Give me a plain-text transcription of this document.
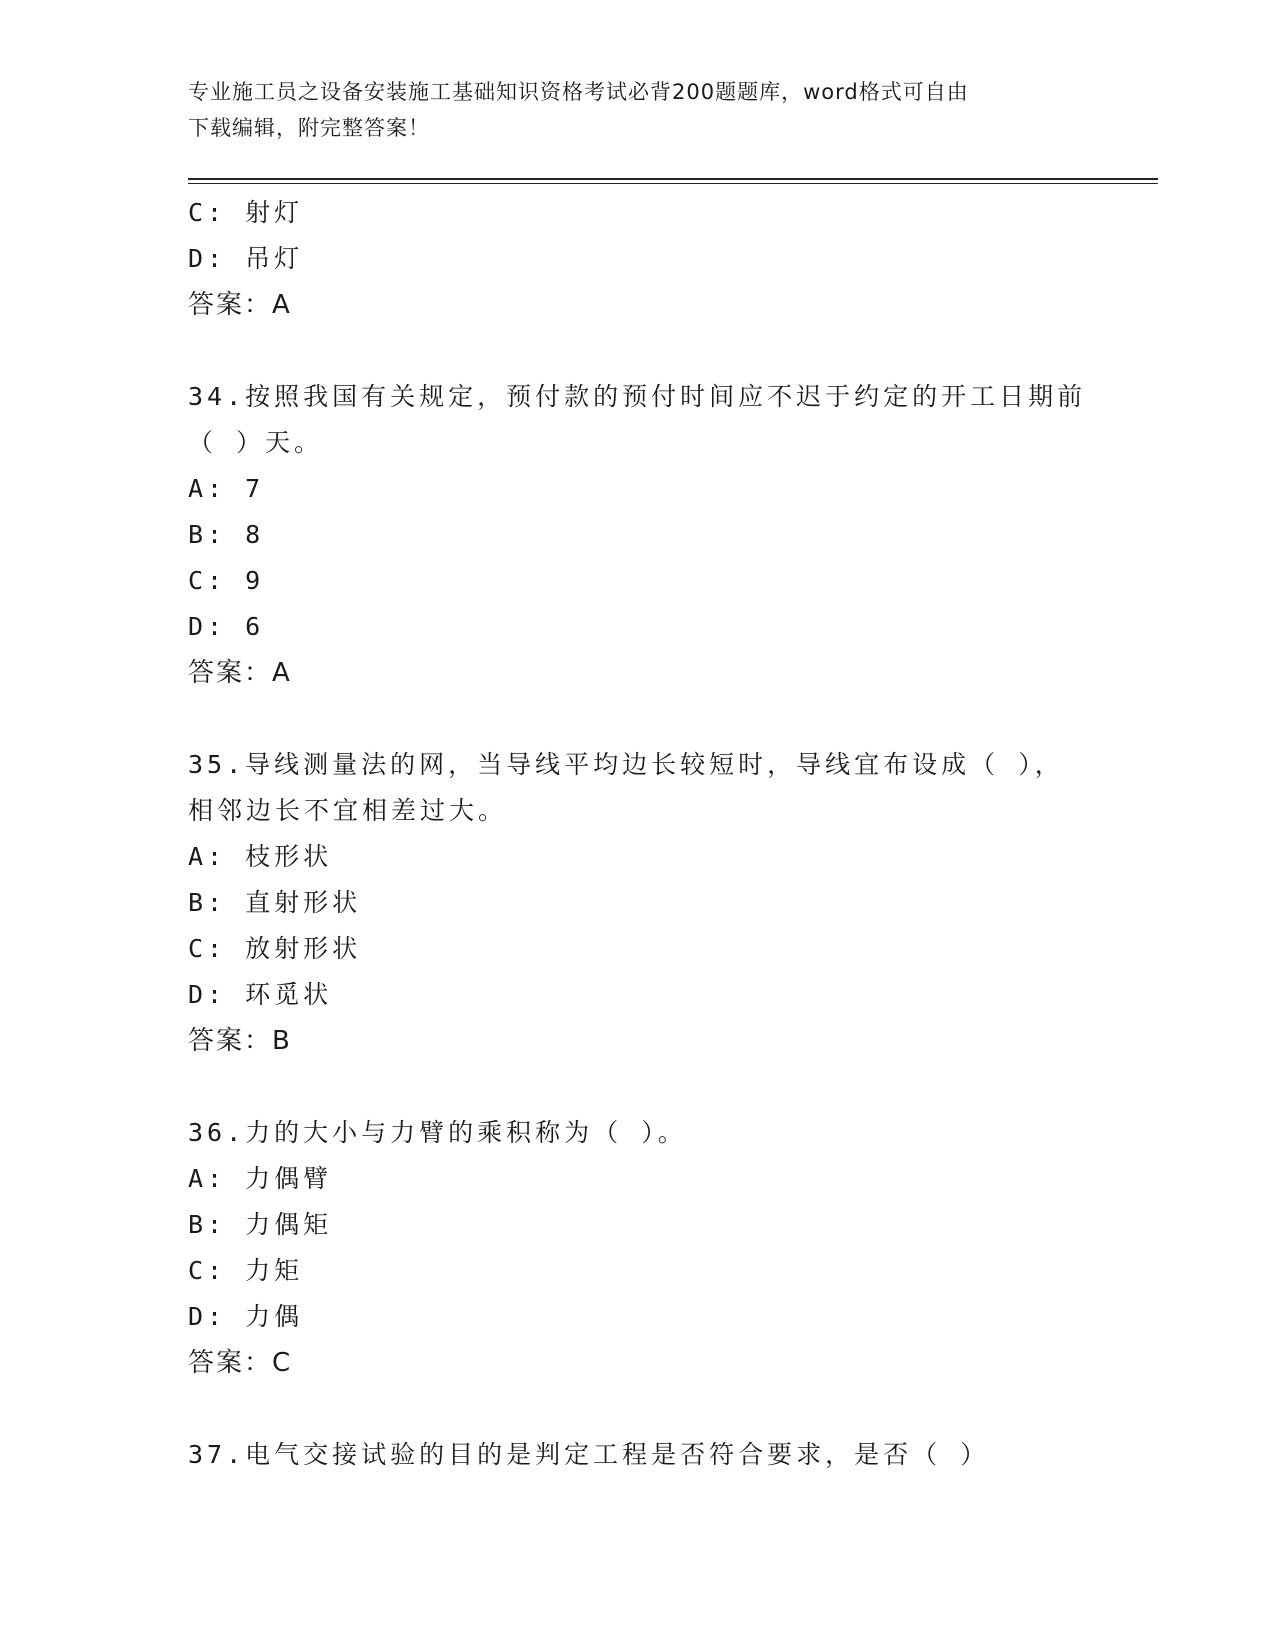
专业施工员之设备安装施工基础知识资格考试必背200题题库，word格式可自由
下载编辑，附完整答案！
C: 射灯
D: 吊灯
答案：A
34.按照我国有关规定，预付款的预付时间应不迟于约定的开工日期前
（ ）天。
A: 7
B: 8
C: 9
D: 6
答案：A
35.导线测量法的网，当导线平均边长较短时，导线宜布设成（ ），
相邻边长不宜相差过大。
A: 枝形状
B: 直射形状
C: 放射形状
D: 环觅状
答案：B
36.力的大小与力臂的乘积称为（ ）。
A: 力偶臂
B: 力偶矩
C: 力矩
D: 力偶
答案：C
37.电气交接试验的目的是判定工程是否符合要求，是否（ ）
